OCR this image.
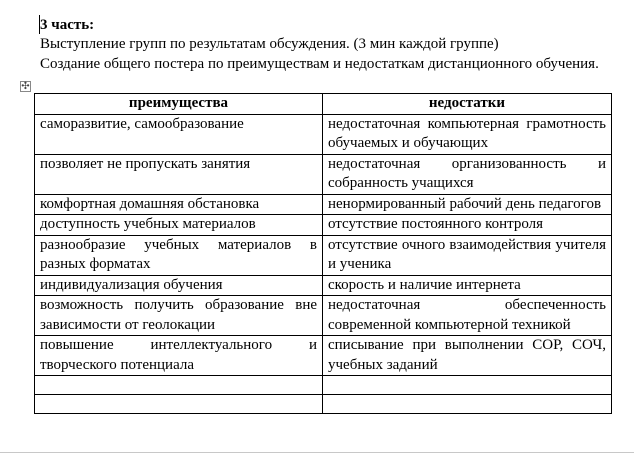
3 часть:
Выступление групп по результатам обсуждения. (3 мин каждой группе)
Создание общего постера по преимуществам и недостаткам дистанционного обучения.
✣
преимущества	недостатки
саморазвитие, самообразование	недостаточная компьютерная грамотность обучаемых и обучающих
позволяет не пропускать занятия	недостаточная организованность и собранность учащихся
комфортная домашняя обстановка	ненормированный рабочий день педагогов
доступность учебных материалов	отсутствие постоянного контроля
разнообразие учебных материалов в разных форматах	отсутствие очного взаимодействия учителя и ученика
индивидуализация обучения	скорость и наличие интернета
возможность получить образование вне зависимости от геолокации	недостаточная обеспеченность современной компьютерной техникой
повышение интеллектуального и творческого потенциала	списывание при выполнении СОР, СОЧ, учебных заданий
